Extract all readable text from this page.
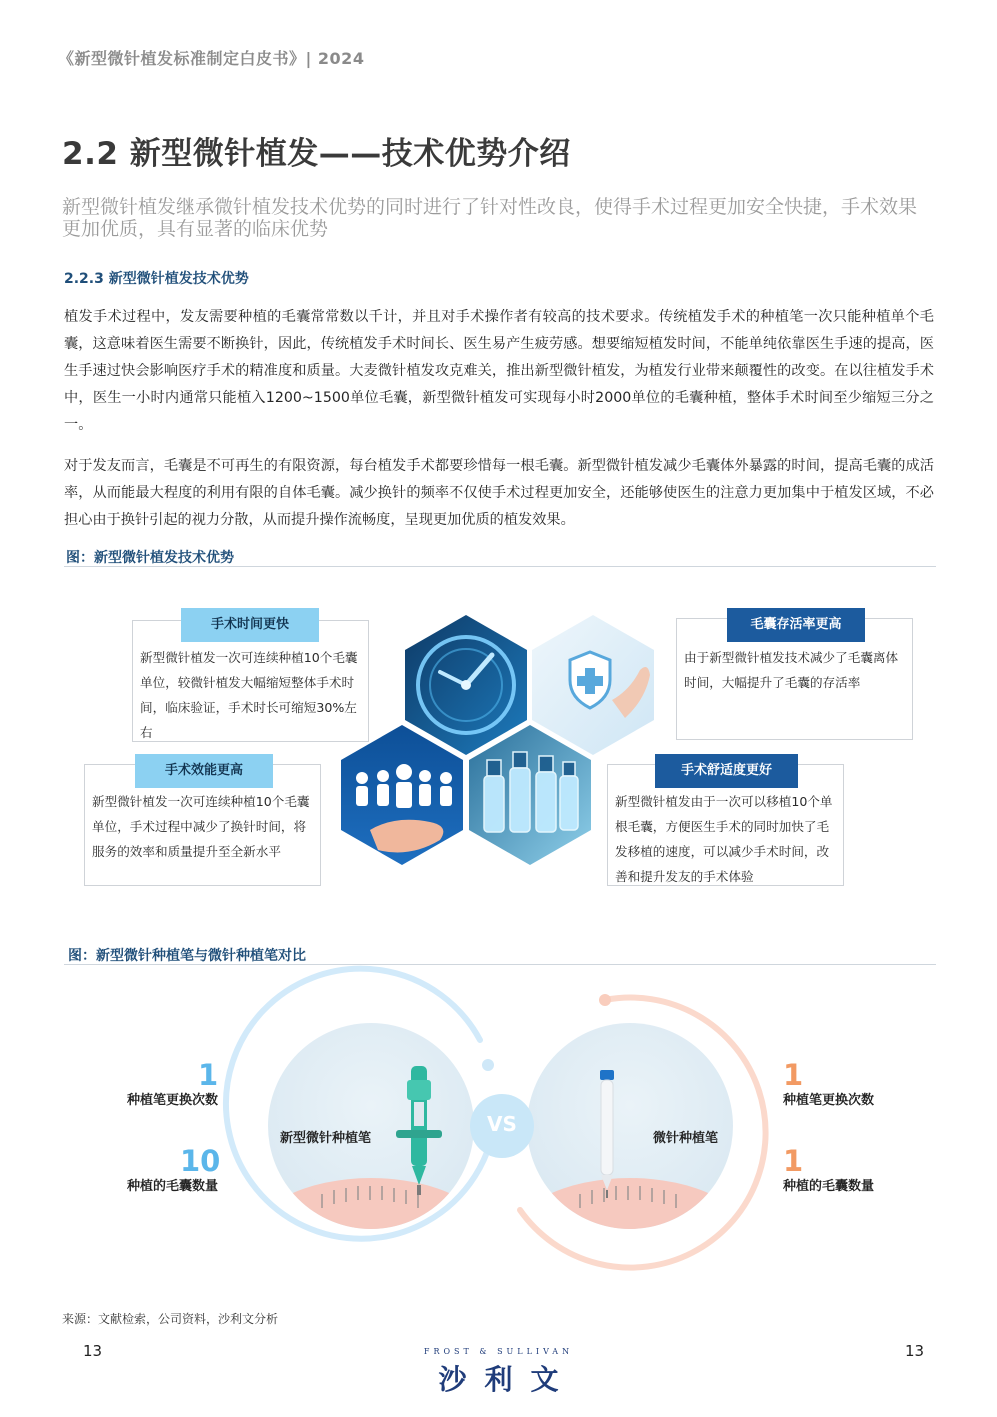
《新型微针植发标准制定白皮书》| 2024
2.2 新型微针植发——技术优势介绍

新型微针植发继承微针植发技术优势的同时进行了针对性改良，使得手术过程更加安全快捷，手术效果更加优质，具有显著的临床优势

2.2.3 新型微针植发技术优势

植发手术过程中，发友需要种植的毛囊常常数以千计，并且对手术操作者有较高的技术要求。传统植发手术的种植笔一次只能种植单个毛囊，这意味着医生需要不断换针，因此，传统植发手术时间长、医生易产生疲劳感。想要缩短植发时间，不能单纯依靠医生手速的提高，医生手速过快会影响医疗手术的精准度和质量。大麦微针植发攻克难关，推出新型微针植发，为植发行业带来颠覆性的改变。在以往植发手术中，医生一小时内通常只能植入1200~1500单位毛囊，新型微针植发可实现每小时2000单位的毛囊种植，整体手术时间至少缩短三分之一。

对于发友而言，毛囊是不可再生的有限资源，每台植发手术都要珍惜每一根毛囊。新型微针植发减少毛囊体外暴露的时间，提高毛囊的成活率，从而能最大程度的利用有限的自体毛囊。减少换针的频率不仅使手术过程更加安全，还能够使医生的注意力更加集中于植发区域，不必担心由于换针引起的视力分散，从而提升操作流畅度，呈现更加优质的植发效果。

图：新型微针植发技术优势
手术时间更快
新型微针植发一次可连续种植10个毛囊单位，较微针植发大幅缩短整体手术时间，临床验证，手术时长可缩短30%左右
毛囊存活率更高
由于新型微针植发技术减少了毛囊离体时间，大幅提升了毛囊的存活率
手术效能更高
新型微针植发一次可连续种植10个毛囊单位，手术过程中减少了换针时间，将服务的效率和质量提升至全新水平
手术舒适度更好
新型微针植发由于一次可以移植10个单根毛囊，方便医生手术的同时加快了毛发移植的速度，可以减少手术时间，改善和提升发友的手术体验
图：新型微针种植笔与微针种植笔对比
VS
新型微针种植笔	微针种植笔
1
种植笔更换次数
10
种植的毛囊数量
1
种植笔更换次数
1
种植的毛囊数量
来源：文献检索，公司资料，沙利文分析
13	13
FROST & SULLIVAN
沙利文
